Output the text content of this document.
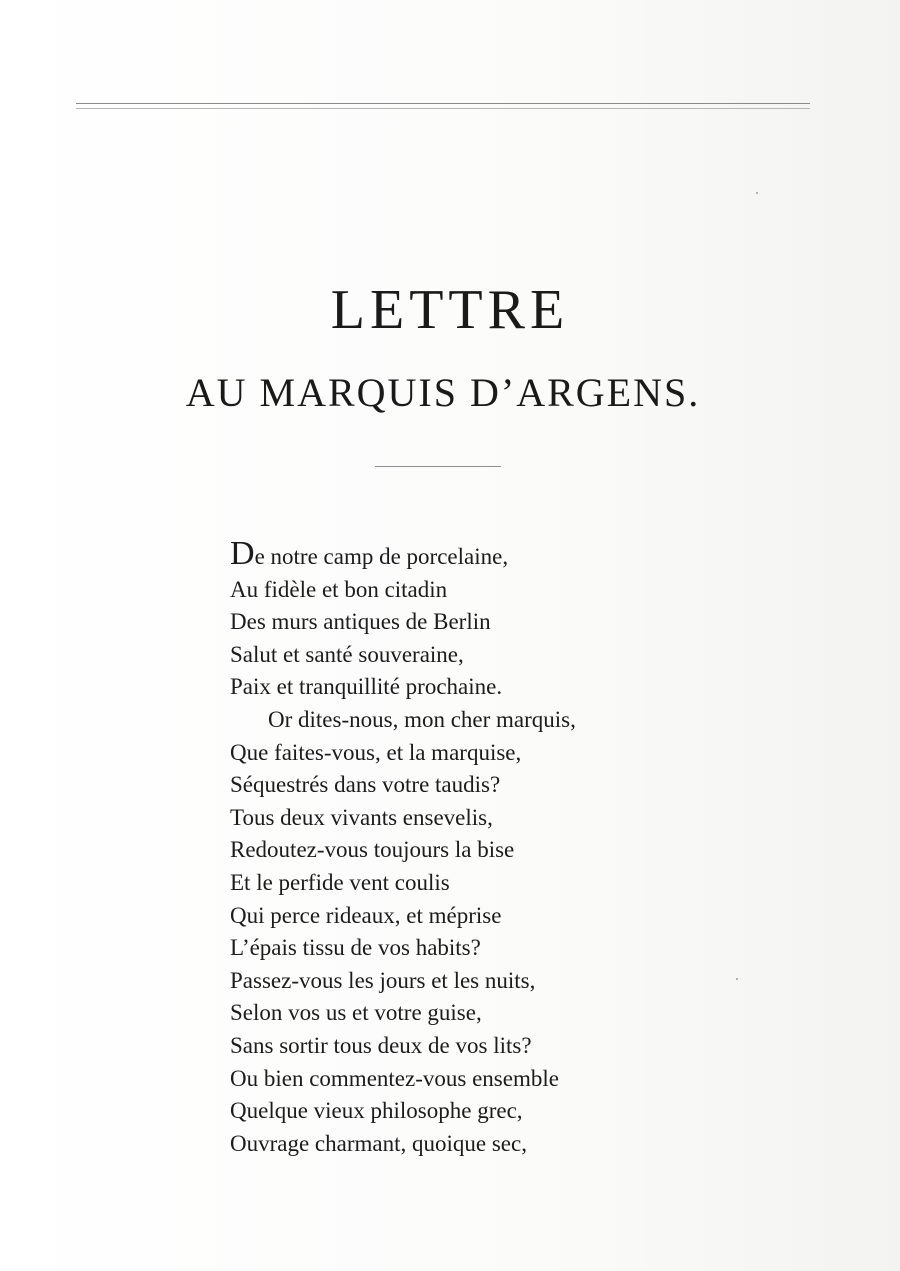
LETTRE
AU MARQUIS D’ARGENS.
De notre camp de porcelaine,
Au fidèle et bon citadin
Des murs antiques de Berlin
Salut et santé souveraine,
Paix et tranquillité prochaine.
Or dites-nous, mon cher marquis,
Que faites-vous, et la marquise,
Séquestrés dans votre taudis?
Tous deux vivants ensevelis,
Redoutez-vous toujours la bise
Et le perfide vent coulis
Qui perce rideaux, et méprise
L’épais tissu de vos habits?
Passez-vous les jours et les nuits,
Selon vos us et votre guise,
Sans sortir tous deux de vos lits?
Ou bien commentez-vous ensemble
Quelque vieux philosophe grec,
Ouvrage charmant, quoique sec,
